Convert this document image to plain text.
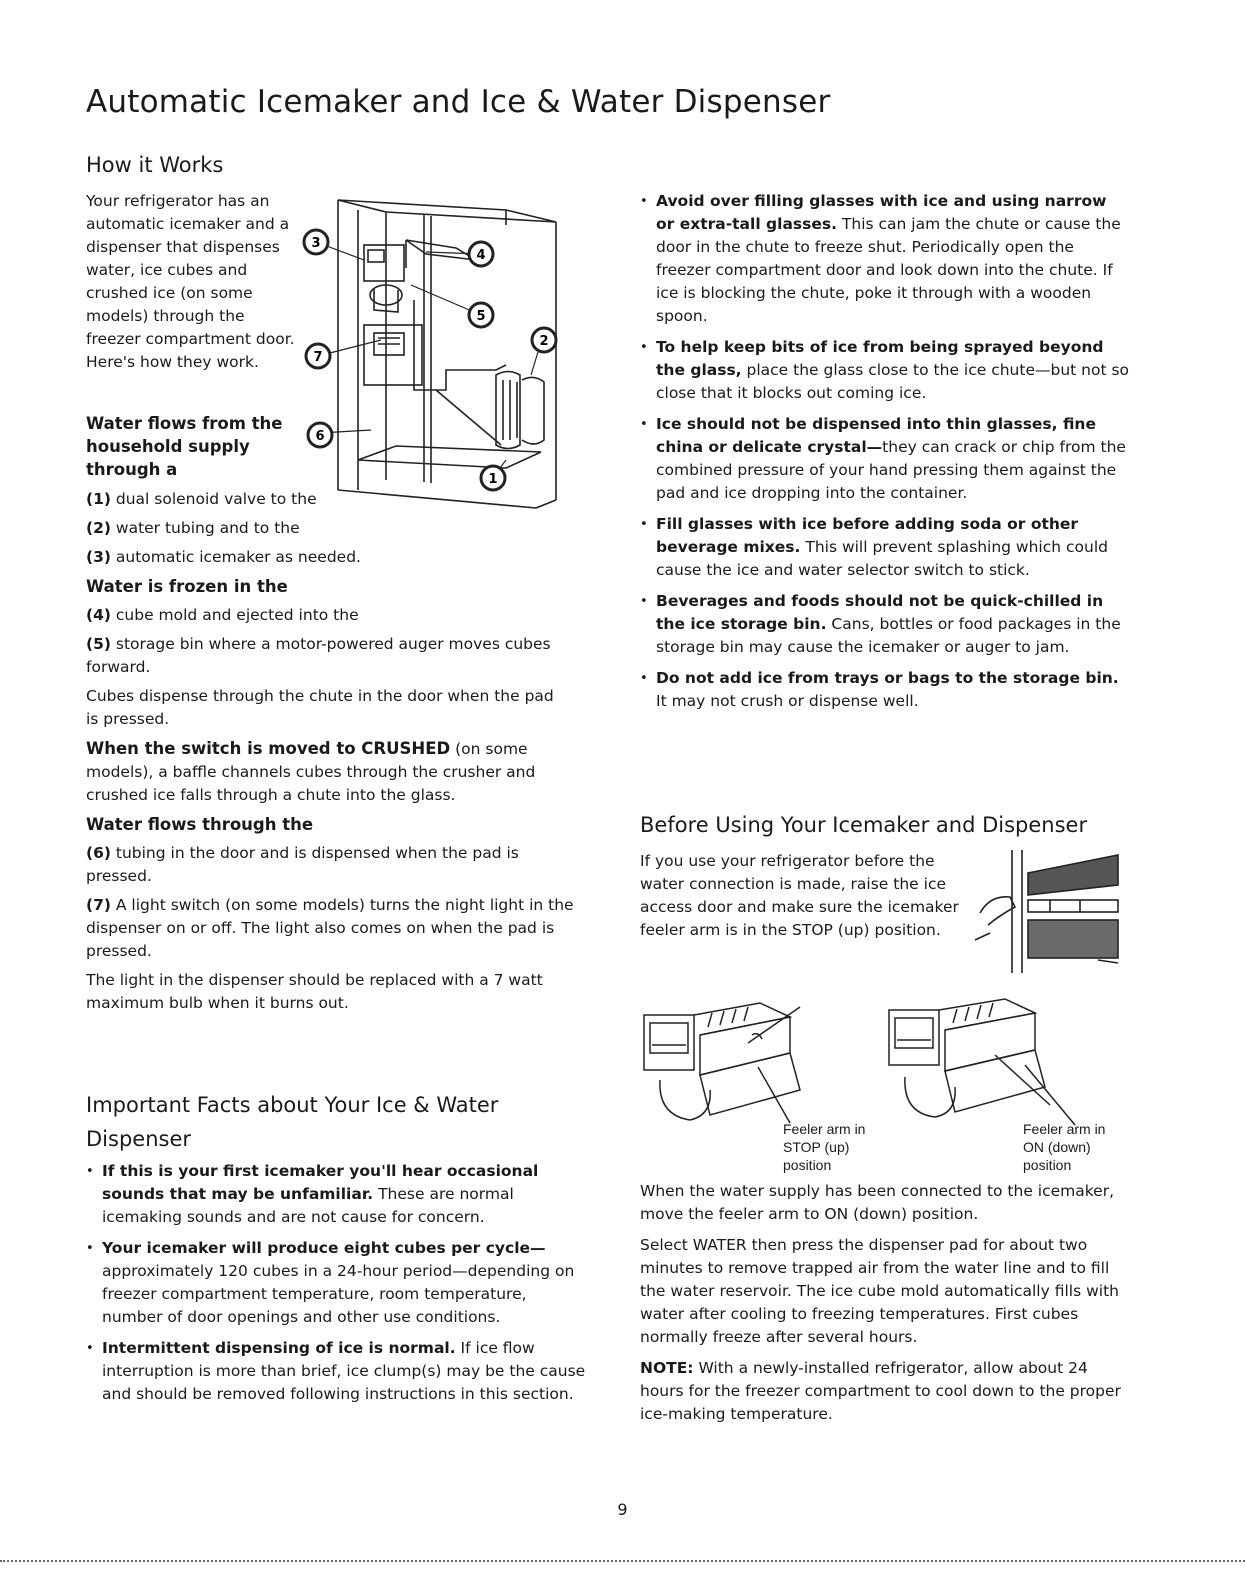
Automatic Icemaker and Ice & Water Dispenser
How it Works

Your refrigerator has an automatic icemaker and a dispenser that dispenses water, ice cubes and crushed ice (on some models) through the freezer compartment door. Here's how they work.

Water flows from the household supply through a

3
4
5
2
7
6
1

(1) dual solenoid valve to the

(2) water tubing and to the

(3) automatic icemaker as needed.

Water is frozen in the

(4) cube mold and ejected into the

(5) storage bin where a motor-powered auger moves cubes forward.

Cubes dispense through the chute in the door when the pad is pressed.

When the switch is moved to CRUSHED (on some models), a baffle channels cubes through the crusher and crushed ice falls through a chute into the glass.

Water flows through the

(6) tubing in the door and is dispensed when the pad is pressed.

(7) A light switch (on some models) turns the night light in the dispenser on or off. The light also comes on when the pad is pressed.

The light in the dispenser should be replaced with a 7 watt maximum bulb when it burns out.

Important Facts about Your Ice & Water Dispenser

• If this is your first icemaker you'll hear occasional sounds that may be unfamiliar. These are normal icemaking sounds and are not cause for concern.

• Your icemaker will produce eight cubes per cycle—approximately 120 cubes in a 24-hour period—depending on freezer compartment temperature, room temperature, number of door openings and other use conditions.

• Intermittent dispensing of ice is normal. If ice flow interruption is more than brief, ice clump(s) may be the cause and should be removed following instructions in this section.

• Avoid over filling glasses with ice and using narrow or extra-tall glasses. This can jam the chute or cause the door in the chute to freeze shut. Periodically open the freezer compartment door and look down into the chute. If ice is blocking the chute, poke it through with a wooden spoon.

• To help keep bits of ice from being sprayed beyond the glass, place the glass close to the ice chute—but not so close that it blocks out coming ice.

• Ice should not be dispensed into thin glasses, fine china or delicate crystal—they can crack or chip from the combined pressure of your hand pressing them against the pad and ice dropping into the container.

• Fill glasses with ice before adding soda or other beverage mixes. This will prevent splashing which could cause the ice and water selector switch to stick.

• Beverages and foods should not be quick-chilled in the ice storage bin. Cans, bottles or food packages in the storage bin may cause the icemaker or auger to jam.

• Do not add ice from trays or bags to the storage bin. It may not crush or dispense well.

Before Using Your Icemaker and Dispenser

If you use your refrigerator before the water connection is made, raise the ice access door and make sure the icemaker feeler arm is in the STOP (up) position.

Feeler arm in
STOP (up)
position
Feeler arm in
ON (down)
position

When the water supply has been connected to the icemaker, move the feeler arm to ON (down) position.

Select WATER then press the dispenser pad for about two minutes to remove trapped air from the water line and to fill the water reservoir. The ice cube mold automatically fills with water after cooling to freezing temperatures. First cubes normally freeze after several hours.

NOTE: With a newly-installed refrigerator, allow about 24 hours for the freezer compartment to cool down to the proper ice-making temperature.

9
